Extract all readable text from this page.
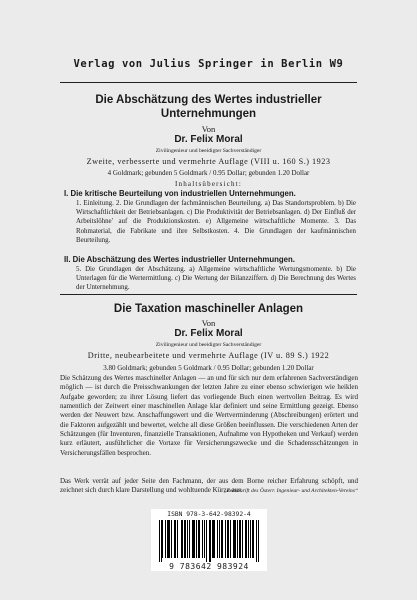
Verlag von Julius Springer in Berlin W9
Die Abschätzung des Wertes industrieller
Unternehmungen
Von
Dr. Felix Moral
Zivilingenieur und beeidigter Sachverständiger
Zweite, verbesserte und vermehrte Auflage (VIII u. 160 S.) 1923
4 Goldmark; gebunden 5 Goldmark / 0.95 Dollar; gebunden 1.20 Dollar
Inhaltsübersicht:
I. Die kritische Beurteilung von industriellen Unternehmungen.
1. Einleitung. 2. Die Grundlagen der fachmännischen Beurteilung. a) Das Standortsproblem. b) Die Wirtschaftlichkeit der Betriebsanlagen. c) Die Produktivität der Betriebsanlagen. d) Der Einfluß der Arbeitslöhne' auf die Produktionskosten. e) Allgemeine wirtschaftliche Momente. 3. Das Rohmaterial, die Fabrikate und ihre Selbstkosten. 4. Die Grundlagen der kaufmännischen Beurteilung.
II. Die Abschätzung des Wertes industrieller Unternehmungen.
5. Die Grundlagen der Abschätzung. a) Allgemeine wirtschaftliche Wertungsmomente. b) Die Unterlagen für die Wertermittlung. c) Die Wertung der Bilanzziffern. d) Die Berechnung des Wertes der Unternehmung.
Die Taxation maschineller Anlagen
Von
Dr. Felix Moral
Zivilingenieur und beeidigter Sachverständiger
Dritte, neubearbeitete und vermehrte Auflage (IV u. 89 S.) 1922
3.80 Goldmark; gebunden 5 Goldmark / 0.95 Dollar; gebunden 1.20 Dollar
Die Schätzung des Wertes maschineller Anlagen — an und für sich nur dem erfahrenen Sachverständigen möglich — ist durch die Preisschwankungen der letzten Jahre zu einer ebenso schwierigen wie heiklen Aufgabe geworden; zu ihrer Lösung liefert das vorliegende Buch einen wertvollen Beitrag. Es wird namentlich der Zeitwert einer maschinellen Anlage klar definiert und seine Ermittlung gezeigt. Ebenso werden der Neuwert bzw. Anschaffungswert und die Wertverminderung (Abschreibungen) erörtert und die Faktoren aufgezählt und bewertet, welche all diese Größen beeinflussen. Die verschiedenen Arten der Schätzungen (für Inventuren, finanzielle Transaktionen, Aufnahme von Hypotheken und Verkauf) werden kurz erläutert, ausführlicher die Vortaxe für Versicherungszwecke und die Schadensschätzungen in Versicherungsfällen besprochen.
Das Werk verrät auf jeder Seite den Fachmann, der aus dem Borne reicher Erfahrung schöpft, und zeichnet sich durch klare Darstellung und wohltuende Kürze aus.
„Zeitschrift des Österr. Ingenieur- und Architekten-Vereins“
ISBN 978-3-642-98392-4
9 783642 983924
